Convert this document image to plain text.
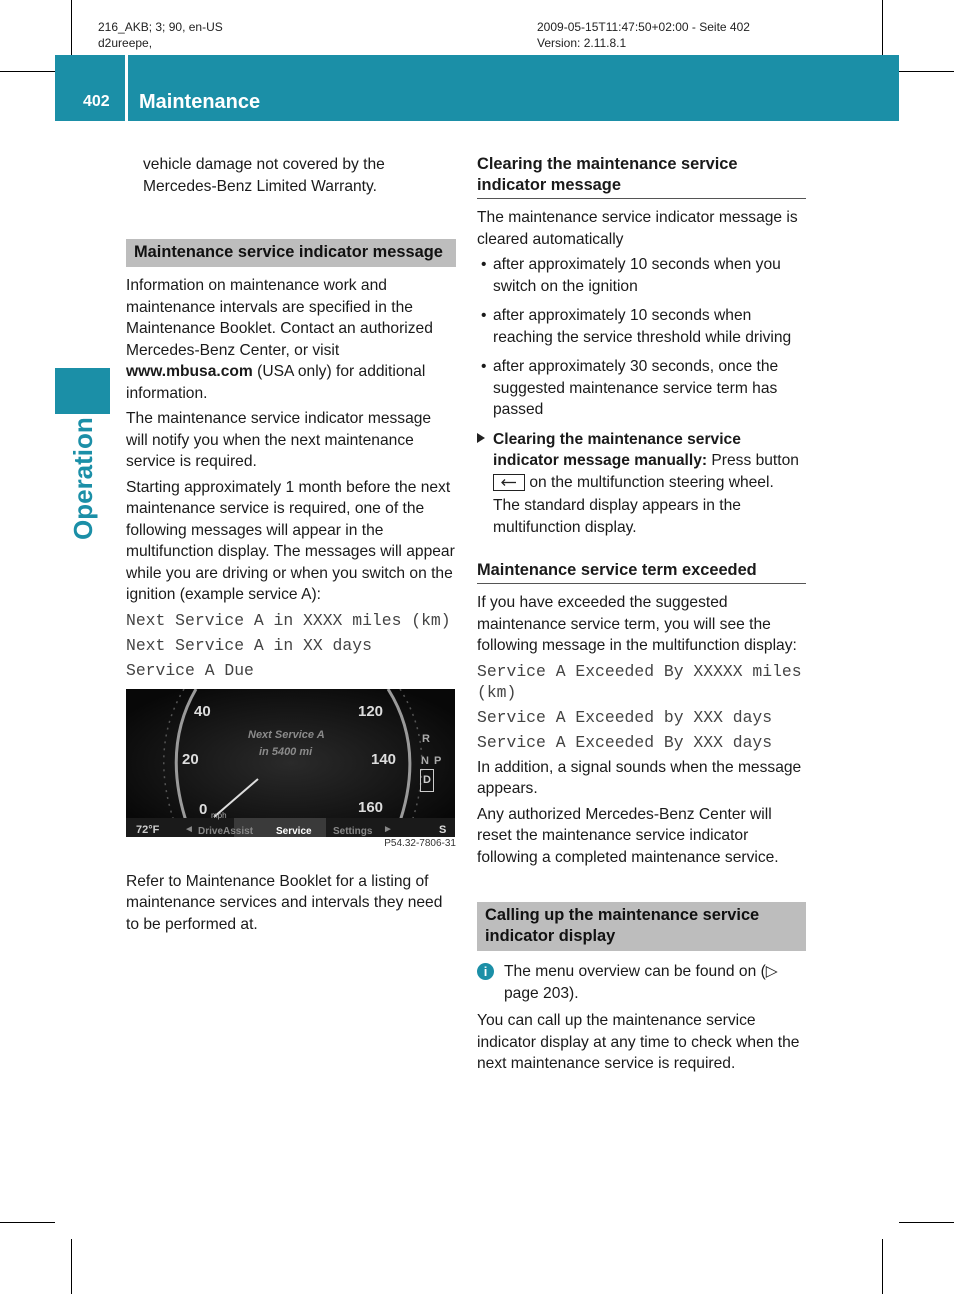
216_AKB; 3; 90, en-US
d2ureepe,
2009-05-15T11:47:50+02:00 - Seite 402
Version: 2.11.8.1
402 Maintenance
Operation

vehicle damage not covered by the Mercedes-Benz Limited Warranty.

Maintenance service indicator message

Information on maintenance work and maintenance intervals are specified in the Maintenance Booklet. Contact an authorized Mercedes-Benz Center, or visit www.mbusa.com (USA only) for additional information.

The maintenance service indicator message will notify you when the next maintenance service is required.

Starting approximately 1 month before the next maintenance service is required, one of the following messages will appear in the multifunction display. The messages will appear while you are driving or when you switch on the ignition (example service A):

Next Service A in XXXX miles (km)
Next Service A in XX days
Service A Due
40
20
0 mph
120
140
160
Next Service A
in 5400 mi
R
N P
D
72°F ◄ DriveAssist Service Settings ►	S
P54.32-7806-31

Refer to Maintenance Booklet for a listing of maintenance services and intervals they need to be performed at.

Clearing the maintenance service indicator message

The maintenance service indicator message is cleared automatically

• after approximately 10 seconds when you switch on the ignition
• after approximately 10 seconds when reaching the service threshold while driving
• after approximately 30 seconds, once the suggested maintenance service term has passed
Clearing the maintenance service indicator message manually: Press button
on the multifunction steering wheel.
The standard display appears in the multifunction display.
Maintenance service term exceeded

If you have exceeded the suggested maintenance service term, you will see the following message in the multifunction display:

Service A Exceeded By XXXXX miles (km)
Service A Exceeded by XXX days
Service A Exceeded By XXX days

In addition, a signal sounds when the message appears.

Any authorized Mercedes-Benz Center will reset the maintenance service indicator following a completed maintenance service.

Calling up the maintenance service indicator display
i	The menu overview can be found on (▷ page 203).

You can call up the maintenance service indicator display at any time to check when the next maintenance service is required.
